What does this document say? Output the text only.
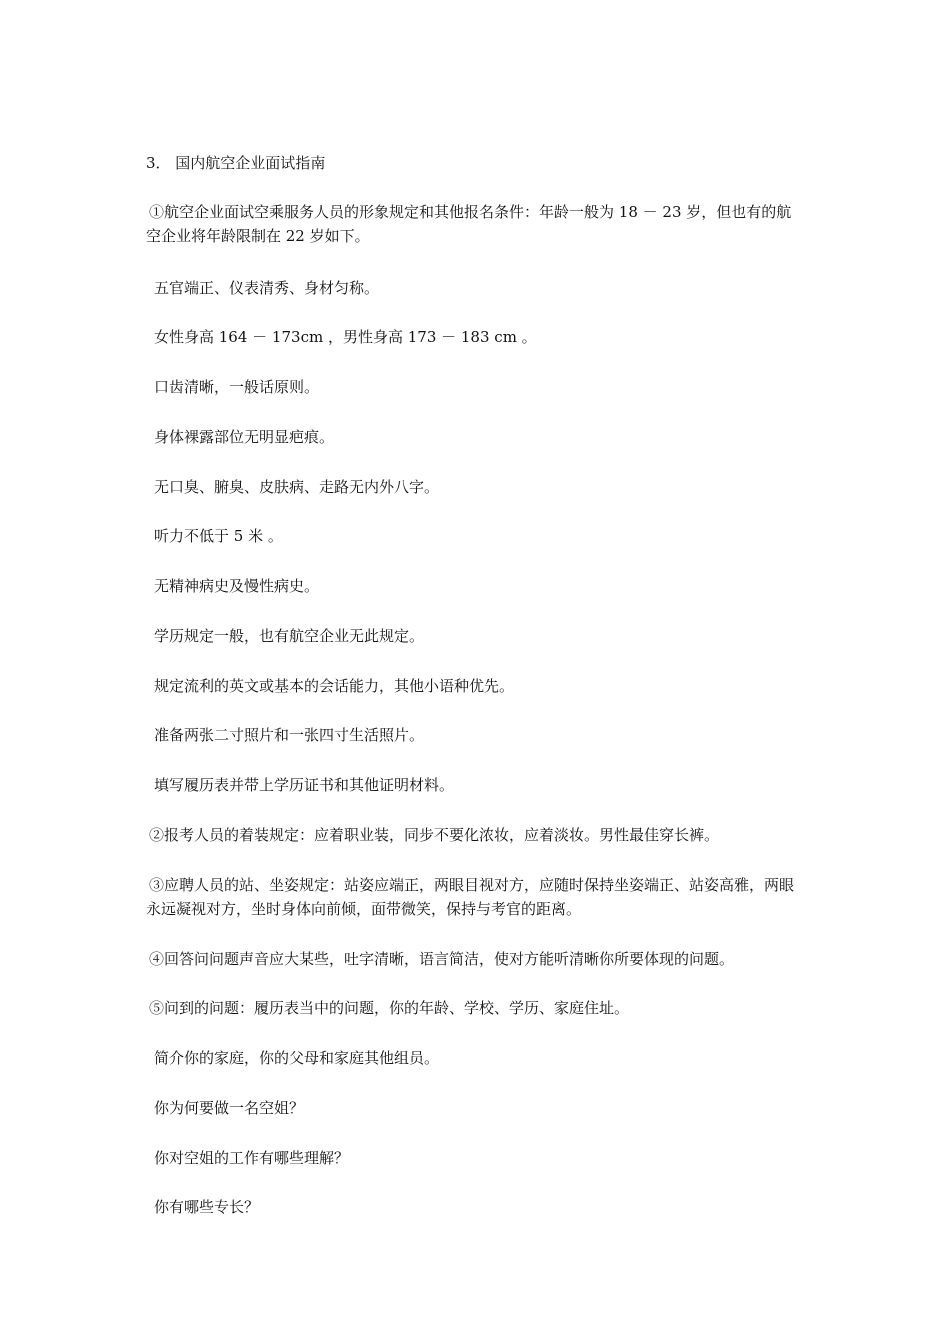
3． 国内航空企业面试指南

①航空企业面试空乘服务人员的形象规定和其他报名条件：年龄一般为 18 － 23 岁，但也有的航空企业将年龄限制在 22 岁如下。

五官端正、仪表清秀、身材匀称。

女性身高 164 － 173cm ，男性身高 173 － 183 cm 。

口齿清晰，一般话原则。

身体裸露部位无明显疤痕。

无口臭、腑臭、皮肤病、走路无内外八字。

听力不低于 5 米 。

无精神病史及慢性病史。

学历规定一般，也有航空企业无此规定。

规定流利的英文或基本的会话能力，其他小语种优先。

准备两张二寸照片和一张四寸生活照片。

填写履历表并带上学历证书和其他证明材料。

②报考人员的着装规定：应着职业装，同步不要化浓妆，应着淡妆。男性最佳穿长裤。

③应聘人员的站、坐姿规定：站姿应端正，两眼目视对方，应随时保持坐姿端正、站姿高雅，两眼永远凝视对方，坐时身体向前倾，面带微笑，保持与考官的距离。

④回答问问题声音应大某些，吐字清晰，语言简洁，使对方能听清晰你所要体现的问题。

⑤问到的问题：履历表当中的问题，你的年龄、学校、学历、家庭住址。

简介你的家庭，你的父母和家庭其他组员。

你为何要做一名空姐？

你对空姐的工作有哪些理解？

你有哪些专长？
